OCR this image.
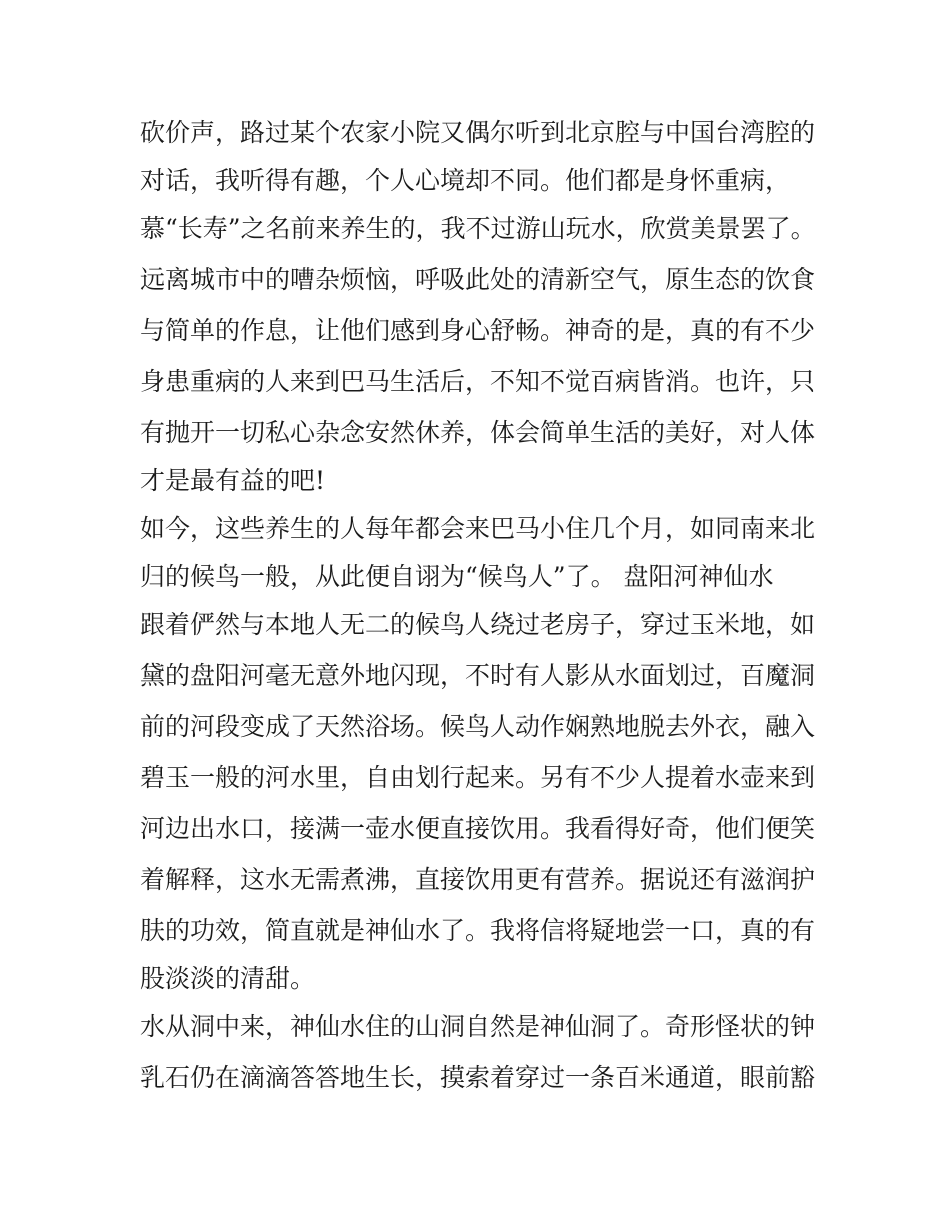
砍价声，路过某个农家小院又偶尔听到北京腔与中国台湾腔的
对话，我听得有趣，个人心境却不同。他们都是身怀重病，
慕“长寿”之名前来养生的，我不过游山玩水，欣赏美景罢了。
远离城市中的嘈杂烦恼，呼吸此处的清新空气，原生态的饮食
与简单的作息，让他们感到身心舒畅。神奇的是，真的有不少
身患重病的人来到巴马生活后，不知不觉百病皆消。也许，只
有抛开一切私心杂念安然休养，体会简单生活的美好，对人体
才是最有益的吧!
如今，这些养生的人每年都会来巴马小住几个月，如同南来北
归的候鸟一般，从此便自诩为“候鸟人”了。 盘阳河神仙水
跟着俨然与本地人无二的候鸟人绕过老房子，穿过玉米地，如
黛的盘阳河毫无意外地闪现，不时有人影从水面划过，百魔洞
前的河段变成了天然浴场。候鸟人动作娴熟地脱去外衣，融入
碧玉一般的河水里，自由划行起来。另有不少人提着水壶来到
河边出水口，接满一壶水便直接饮用。我看得好奇，他们便笑
着解释，这水无需煮沸，直接饮用更有营养。据说还有滋润护
肤的功效，简直就是神仙水了。我将信将疑地尝一口，真的有
股淡淡的清甜。
水从洞中来，神仙水住的山洞自然是神仙洞了。奇形怪状的钟
乳石仍在滴滴答答地生长，摸索着穿过一条百米通道，眼前豁
